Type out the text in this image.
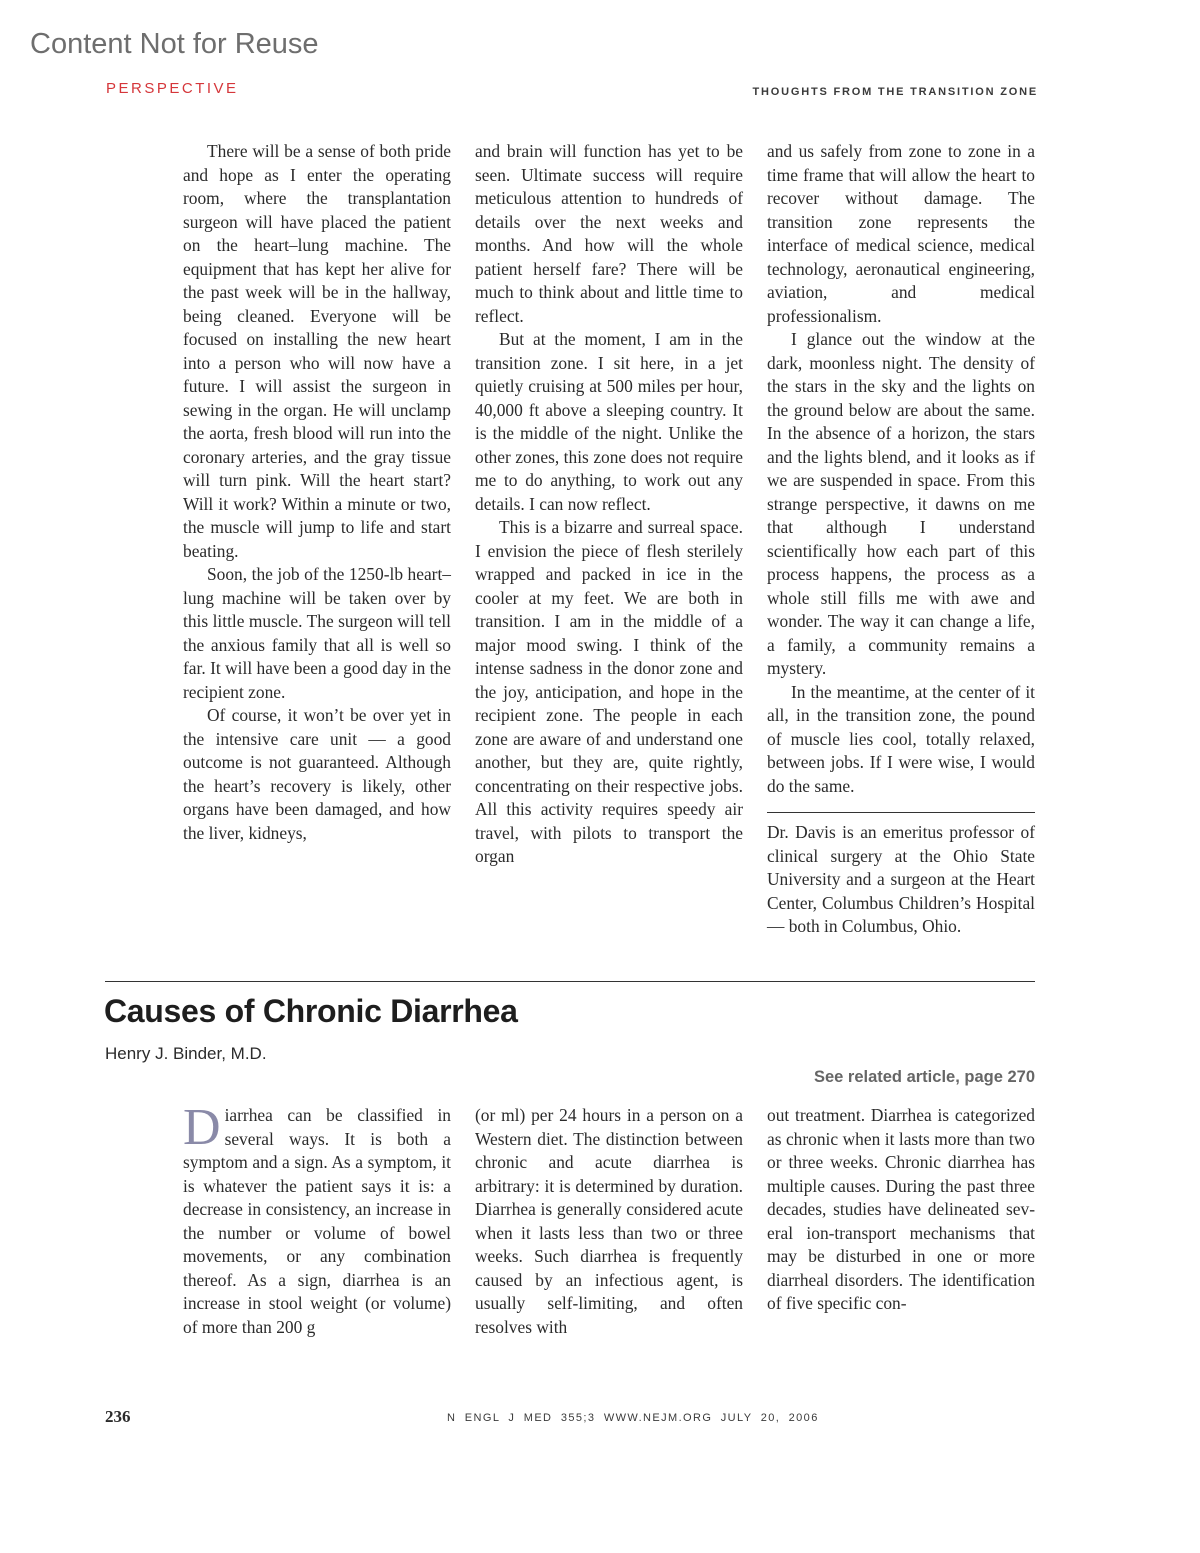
Content Not for Reuse
PERSPECTIVE	THOUGHTS FROM THE TRANSITION ZONE

There will be a sense of both pride and hope as I enter the operating room, where the transplantation surgeon will have placed the patient on the heart–lung machine. The equipment that has kept her alive for the past week will be in the hallway, being cleaned. Everyone will be focused on installing the new heart into a person who will now have a future. I will assist the surgeon in sewing in the organ. He will unclamp the aorta, fresh blood will run into the coronary arteries, and the gray tissue will turn pink. Will the heart start? Will it work? Within a minute or two, the muscle will jump to life and start beating.

Soon, the job of the 1250-lb heart–lung machine will be taken over by this little muscle. The surgeon will tell the anxious family that all is well so far. It will have been a good day in the recipient zone.

Of course, it won’t be over yet in the intensive care unit — a good outcome is not guaranteed. Although the heart’s recovery is likely, other organs have been damaged, and how the liver, kidneys,

and brain will function has yet to be seen. Ultimate success will require meticulous attention to hundreds of details over the next weeks and months. And how will the whole patient herself fare? There will be much to think about and little time to reflect.

But at the moment, I am in the transition zone. I sit here, in a jet quietly cruising at 500 miles per hour, 40,000 ft above a sleeping country. It is the middle of the night. Unlike the other zones, this zone does not require me to do anything, to work out any details. I can now reflect.

This is a bizarre and surreal space. I envision the piece of flesh sterilely wrapped and packed in ice in the cooler at my feet. We are both in transition. I am in the middle of a major mood swing. I think of the intense sadness in the donor zone and the joy, anticipation, and hope in the recipient zone. The people in each zone are aware of and understand one another, but they are, quite rightly, concentrating on their respective jobs. All this activity requires speedy air travel, with pilots to transport the organ

and us safely from zone to zone in a time frame that will allow the heart to recover without damage. The transition zone represents the interface of medical science, medical technology, aeronautical engineering, aviation, and medical professionalism.

I glance out the window at the dark, moonless night. The density of the stars in the sky and the lights on the ground below are about the same. In the absence of a horizon, the stars and the lights blend, and it looks as if we are suspended in space. From this strange perspective, it dawns on me that although I understand scientifically how each part of this process happens, the process as a whole still fills me with awe and wonder. The way it can change a life, a family, a community remains a mystery.

In the meantime, at the center of it all, in the transition zone, the pound of muscle lies cool, totally relaxed, between jobs. If I were wise, I would do the same.

Dr. Davis is an emeritus professor of clinical surgery at the Ohio State University and a surgeon at the Heart Center, Columbus Children’s Hospital — both in Columbus, Ohio.

Causes of Chronic Diarrhea
Henry J. Binder, M.D.
See related article, page 270

Diarrhea can be classified in several ways. It is both a symptom and a sign. As a symptom, it is whatever the patient says it is: a decrease in consistency, an increase in the number or volume of bowel movements, or any combination thereof. As a sign, diarrhea is an increase in stool weight (or volume) of more than 200 g

(or ml) per 24 hours in a person on a Western diet. The distinction between chronic and acute diarrhea is arbitrary: it is determined by duration. Diarrhea is generally considered acute when it lasts less than two or three weeks. Such diarrhea is frequently caused by an infectious agent, is usually self-limiting, and often resolves with

out treatment. Diarrhea is categorized as chronic when it lasts more than two or three weeks. Chronic diarrhea has multiple causes. During the past three decades, studies have delineated several ion-transport mechanisms that may be disturbed in one or more diarrheal disorders. The identification of five specific con-

236	N ENGL J MED 355;3 WWW.NEJM.ORG JULY 20, 2006
